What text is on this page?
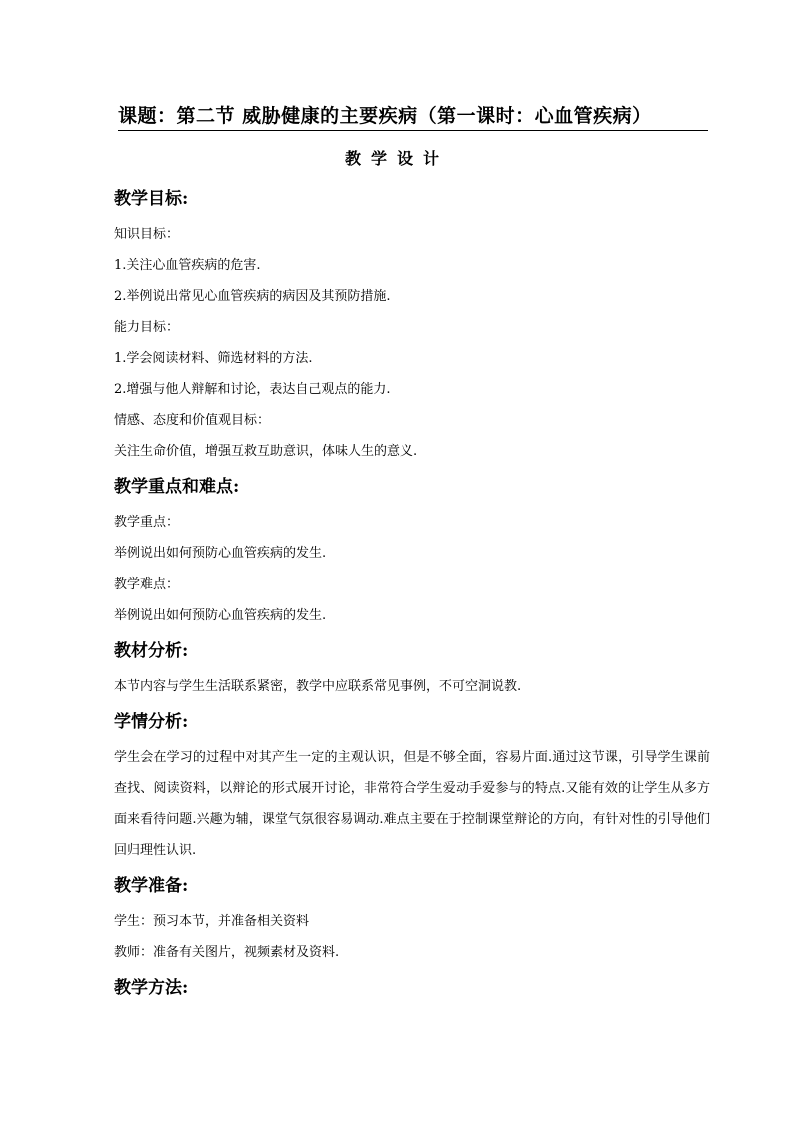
课题：第二节 威胁健康的主要疾病（第一课时：心血管疾病）
教学设计
教学目标:
知识目标：
1.关注心血管疾病的危害.
2.举例说出常见心血管疾病的病因及其预防措施.
能力目标：
1.学会阅读材料、筛选材料的方法.
2.增强与他人辩解和讨论，表达自己观点的能力.
情感、态度和价值观目标：
关注生命价值，增强互救互助意识，体味人生的意义.
教学重点和难点:
教学重点：
举例说出如何预防心血管疾病的发生.
教学难点：
举例说出如何预防心血管疾病的发生.
教材分析:
本节内容与学生生活联系紧密，教学中应联系常见事例，不可空洞说教.
学情分析:
学生会在学习的过程中对其产生一定的主观认识，但是不够全面，容易片面.通过这节课，引导学生课前查找、阅读资料，以辩论的形式展开讨论，非常符合学生爱动手爱参与的特点.又能有效的让学生从多方面来看待问题.兴趣为辅，课堂气氛很容易调动.难点主要在于控制课堂辩论的方向，有针对性的引导他们回归理性认识.
教学准备:
学生：预习本节，并准备相关资料
教师：准备有关图片，视频素材及资料.
教学方法:
